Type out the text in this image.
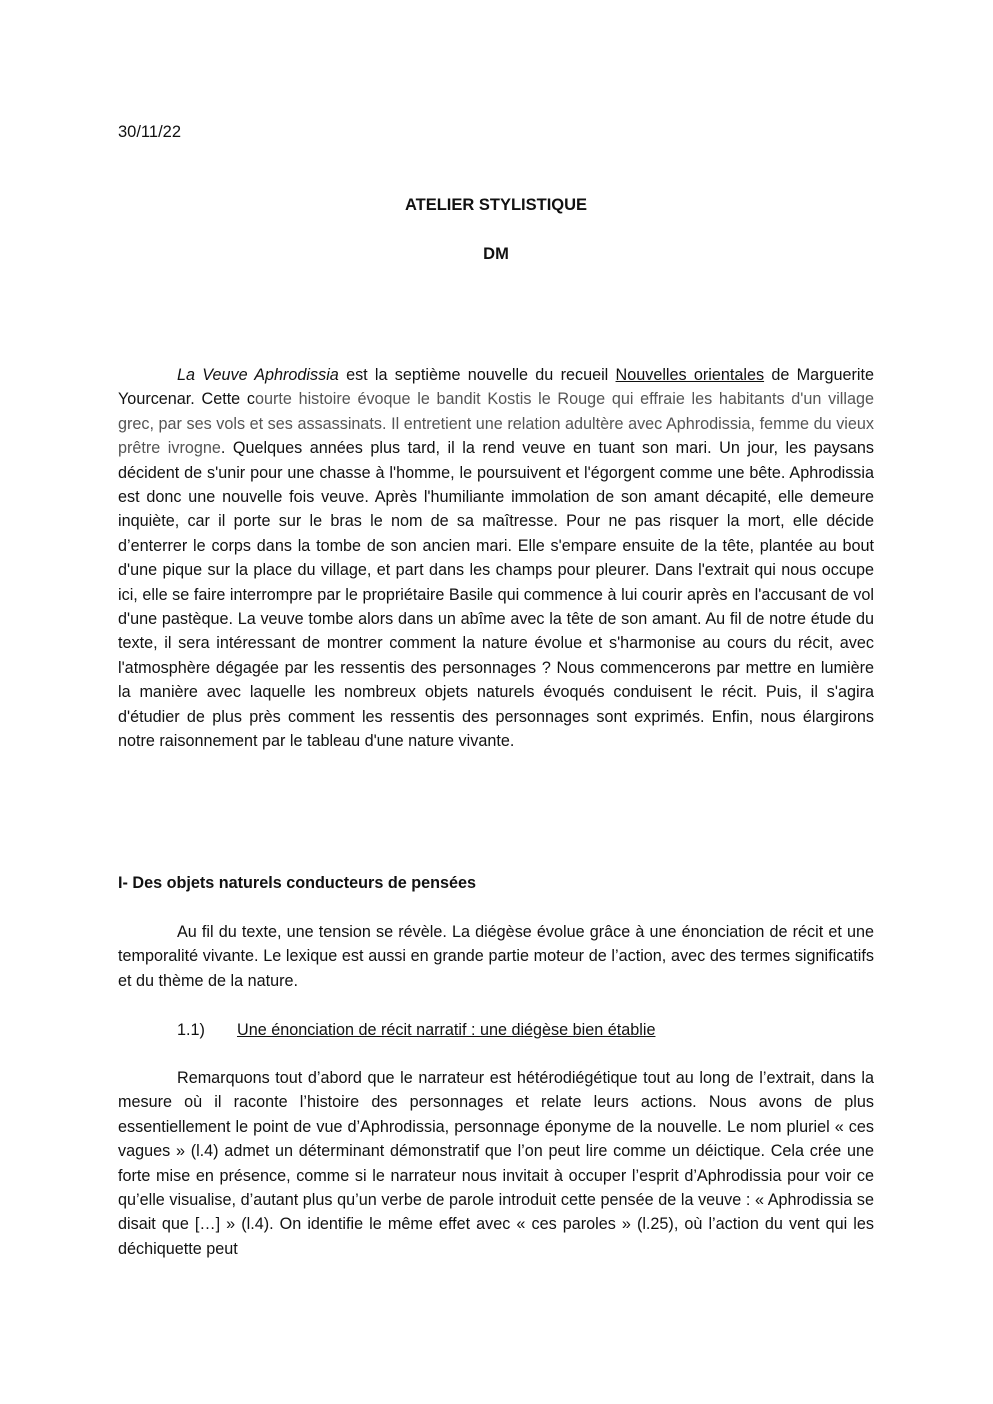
30/11/22
ATELIER STYLISTIQUE
DM

La Veuve Aphrodissia est la septième nouvelle du recueil Nouvelles orientales de Marguerite Yourcenar. Cette courte histoire évoque le bandit Kostis le Rouge qui effraie les habitants d'un village grec, par ses vols et ses assassinats. Il entretient une relation adultère avec Aphrodissia, femme du vieux prêtre ivrogne. Quelques années plus tard, il la rend veuve en tuant son mari. Un jour, les paysans décident de s'unir pour une chasse à l'homme, le poursuivent et l'égorgent comme une bête. Aphrodissia est donc une nouvelle fois veuve. Après l'humiliante immolation de son amant décapité, elle demeure inquiète, car il porte sur le bras le nom de sa maîtresse. Pour ne pas risquer la mort, elle décide d’enterrer le corps dans la tombe de son ancien mari. Elle s'empare ensuite de la tête, plantée au bout d'une pique sur la place du village, et part dans les champs pour pleurer. Dans l'extrait qui nous occupe ici, elle se faire interrompre par le propriétaire Basile qui commence à lui courir après en l'accusant de vol d'une pastèque. La veuve tombe alors dans un abîme avec la tête de son amant. Au fil de notre étude du texte, il sera intéressant de montrer comment la nature évolue et s'harmonise au cours du récit, avec l'atmosphère dégagée par les ressentis des personnages ? Nous commencerons par mettre en lumière la manière avec laquelle les nombreux objets naturels évoqués conduisent le récit. Puis, il s'agira d'étudier de plus près comment les ressentis des personnages sont exprimés. Enfin, nous élargirons notre raisonnement par le tableau d'une nature vivante.

I- Des objets naturels conducteurs de pensées

Au fil du texte, une tension se révèle. La diégèse évolue grâce à une énonciation de récit et une temporalité vivante. Le lexique est aussi en grande partie moteur de l’action, avec des termes significatifs et du thème de la nature.

1.1) Une énonciation de récit narratif : une diégèse bien établie

Remarquons tout d’abord que le narrateur est hétérodiégétique tout au long de l’extrait, dans la mesure où il raconte l’histoire des personnages et relate leurs actions. Nous avons de plus essentiellement le point de vue d’Aphrodissia, personnage éponyme de la nouvelle. Le nom pluriel « ces vagues » (l.4) admet un déterminant démonstratif que l’on peut lire comme un déictique. Cela crée une forte mise en présence, comme si le narrateur nous invitait à occuper l’esprit d’Aphrodissia pour voir ce qu’elle visualise, d’autant plus qu’un verbe de parole introduit cette pensée de la veuve : « Aphrodissia se disait que […] » (l.4). On identifie le même effet avec « ces paroles » (l.25), où l’action du vent qui les déchiquette peut
